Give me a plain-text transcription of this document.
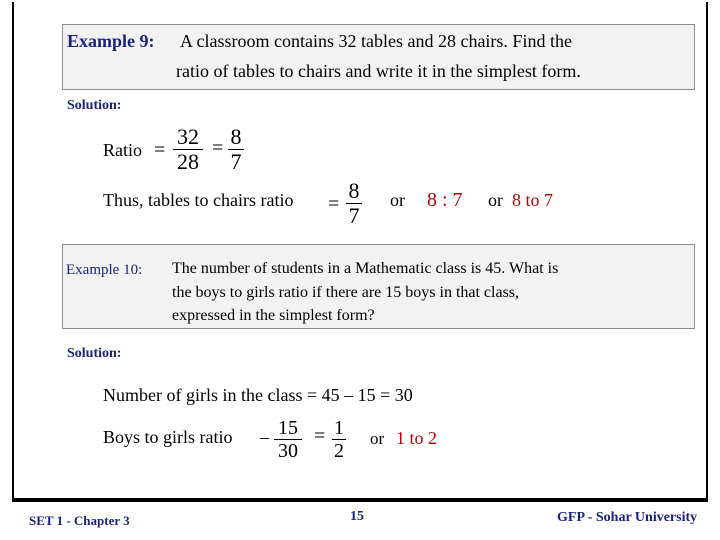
Example 9: A classroom contains 32 tables and 28 chairs. Find the
ratio of tables to chairs and write it in the simplest form.
Solution:
Ratio =
32
28
= 8
7
Thus, tables to chairs ratio =
8
7
or 8 : 7 or 8 to 7
Example 10: The number of students in a Mathematic class is 45. What is
the boys to girls ratio if there are 15 boys in that class,
expressed in the simplest form?
Solution:
Number of girls in the class = 45 – 15 = 30
Boys to girls ratio – 15
30
= 1
2
or 1 to 2
SET 1 - Chapter 3	15	GFP - Sohar University
